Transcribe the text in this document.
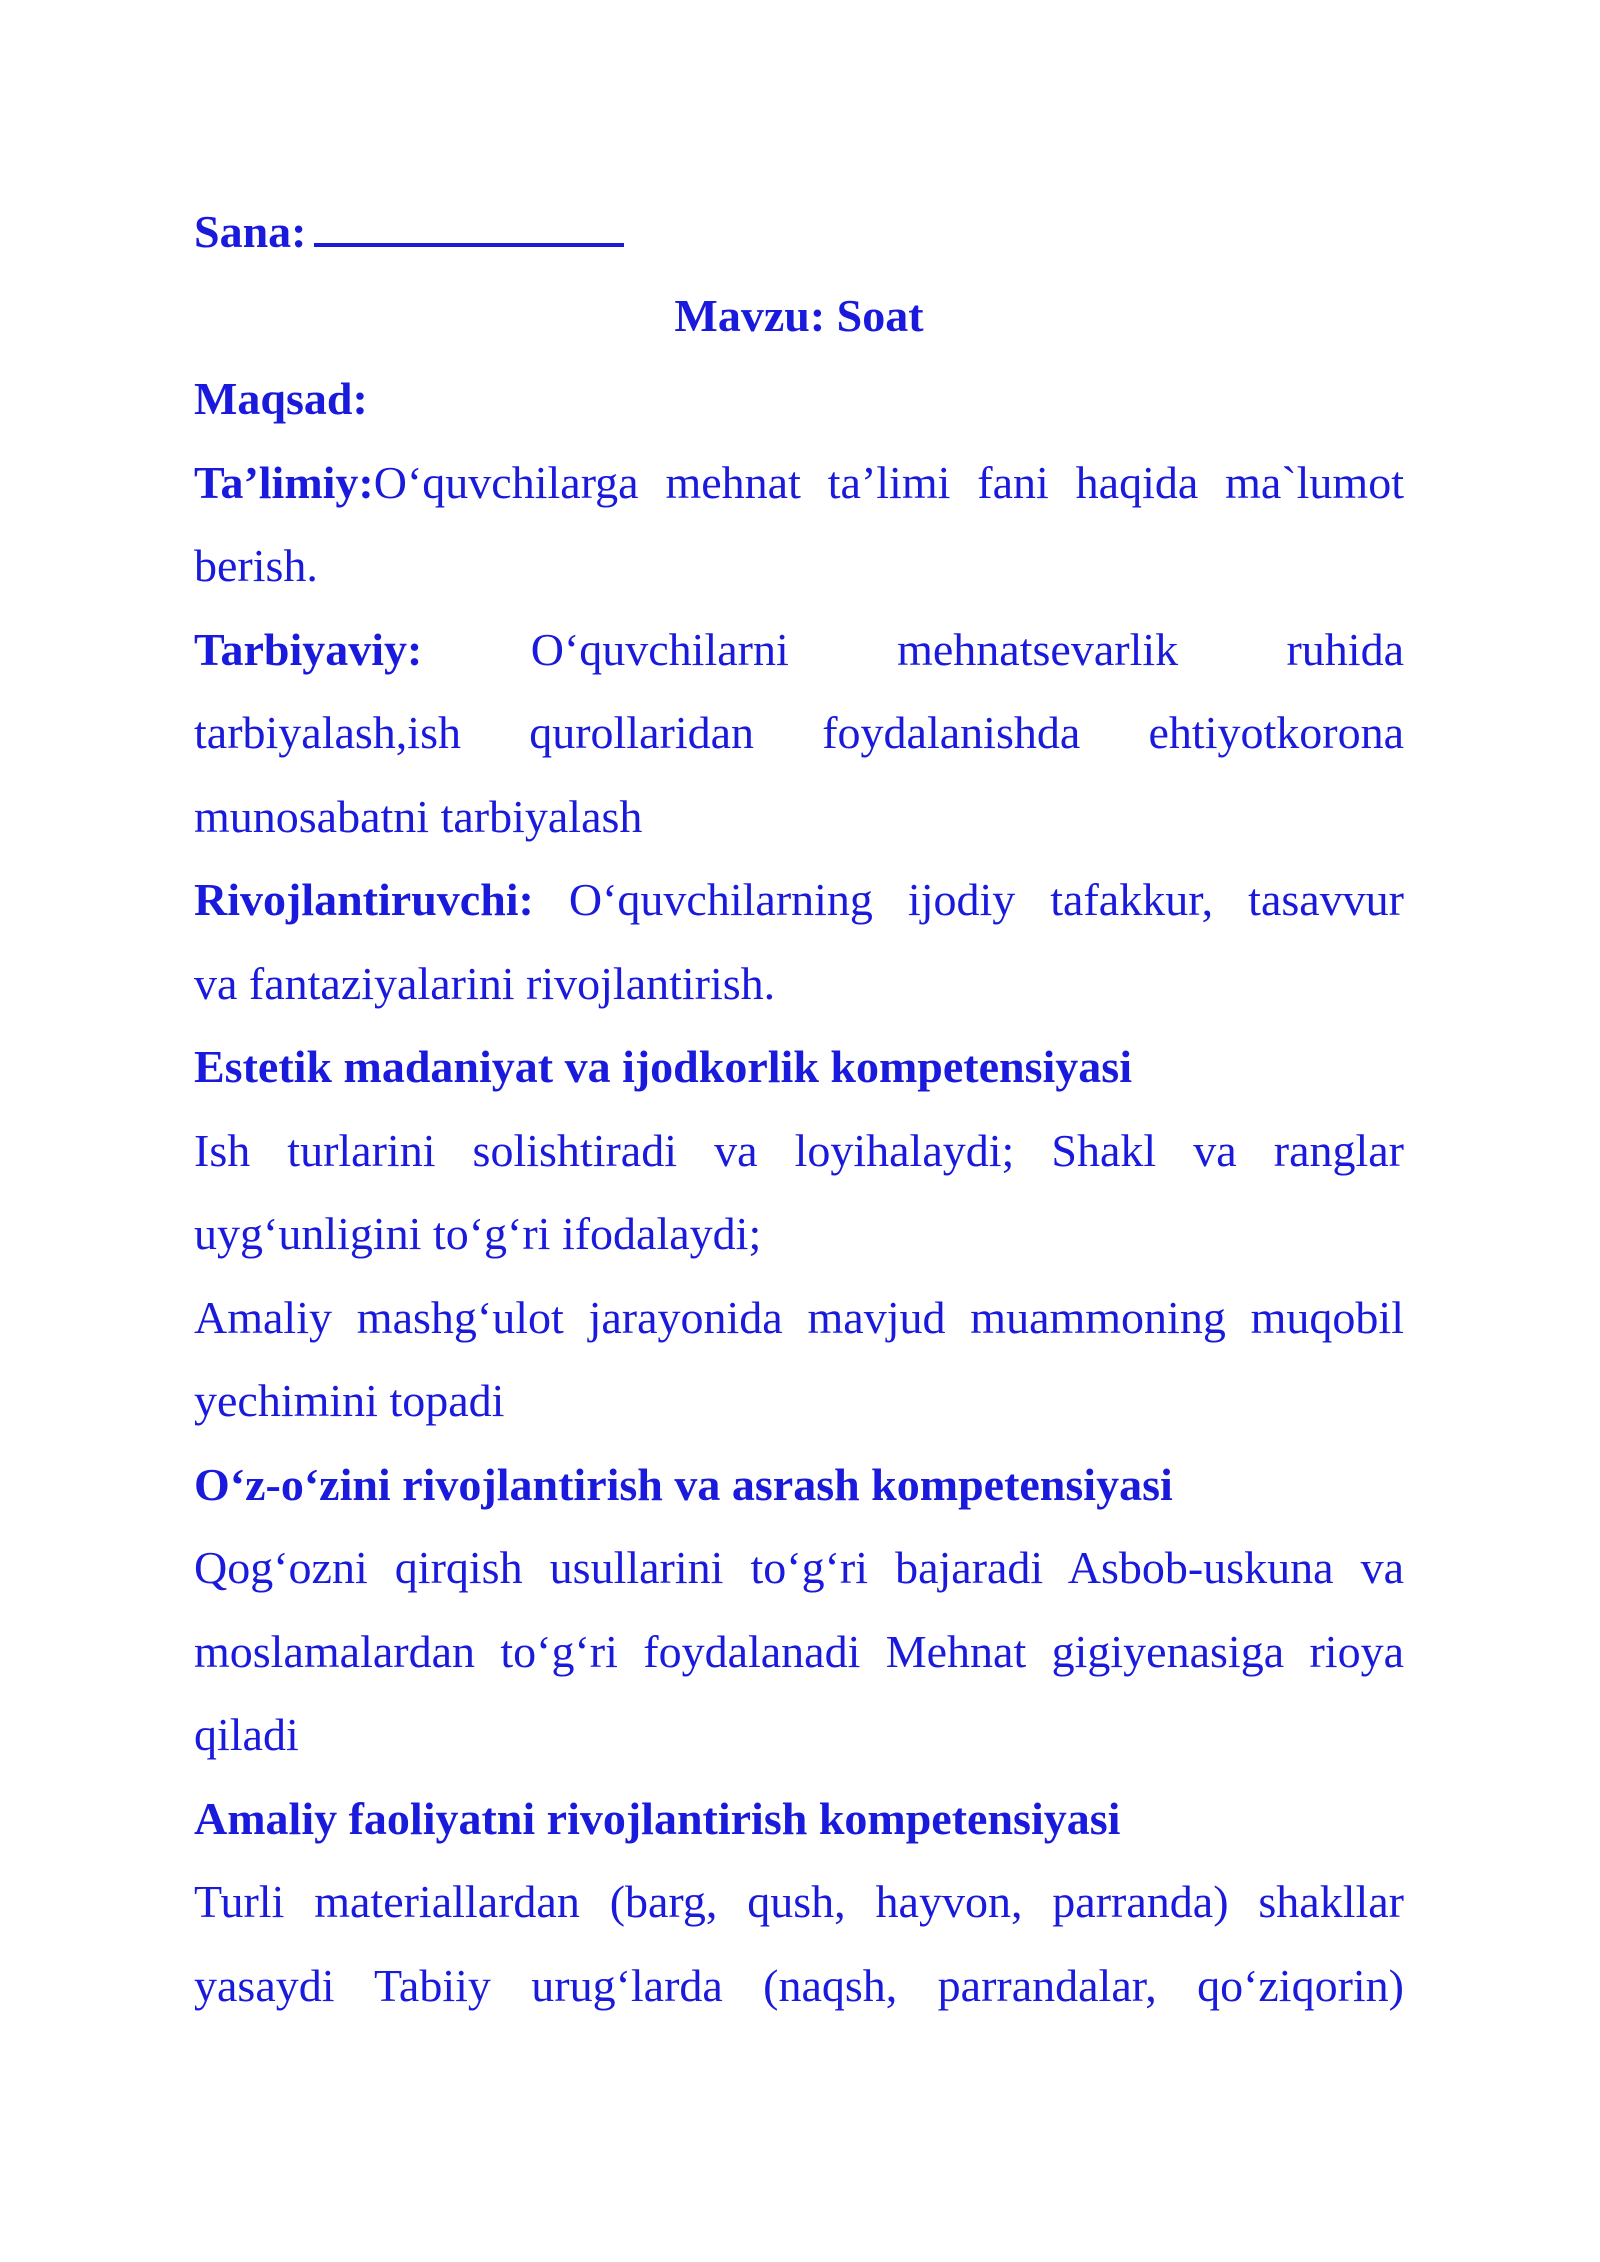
Sana:
Mavzu: Soat
Maqsad:
Ta’limiy:O‘quvchilarga mehnat ta’limi fani haqida ma`lumot
berish.
Tarbiyaviy: O‘quvchilarni mehnatsevarlik ruhida
tarbiyalash,ish qurollaridan foydalanishda ehtiyotkorona
munosabatni tarbiyalash
Rivojlantiruvchi: O‘quvchilarning ijodiy tafakkur, tasavvur
va fantaziyalarini rivojlantirish.
Estetik madaniyat va ijodkorlik kompetensiyasi
Ish turlarini solishtiradi va loyihalaydi; Shakl va ranglar
uyg‘unligini to‘g‘ri ifodalaydi;
Amaliy mashg‘ulot jarayonida mavjud muammoning muqobil
yechimini topadi
O‘z-o‘zini rivojlantirish va asrash kompetensiyasi
Qog‘ozni qirqish usullarini to‘g‘ri bajaradi Asbob-uskuna va
moslamalardan to‘g‘ri foydalanadi Mehnat gigiyenasiga rioya
qiladi
Amaliy faoliyatni rivojlantirish kompetensiyasi
Turli materiallardan (barg, qush, hayvon, parranda) shakllar
yasaydi Tabiiy urug‘larda (naqsh, parrandalar, qo‘ziqorin)
